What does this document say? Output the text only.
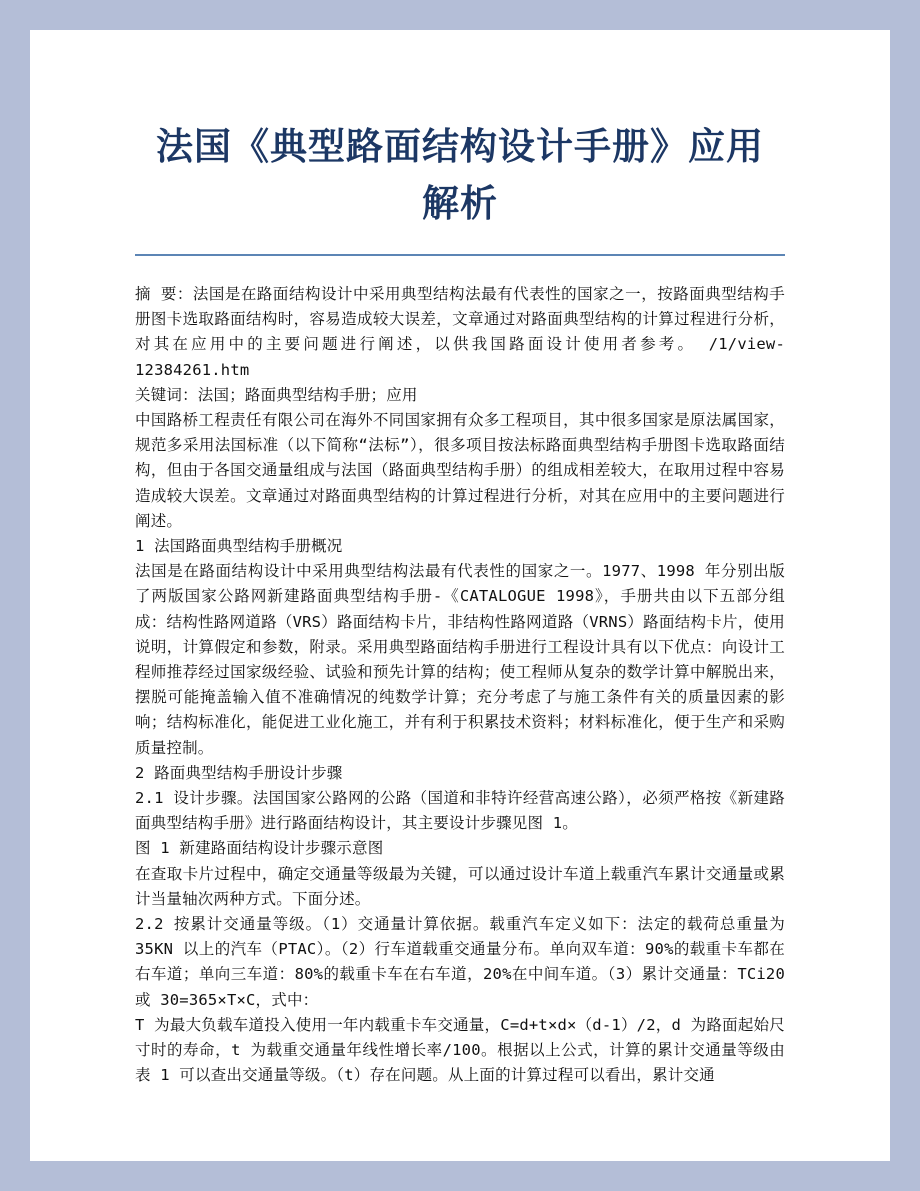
法国《典型路面结构设计手册》应用
解析

摘 要：法国是在路面结构设计中采用典型结构法最有代表性的国家之一，按路面典型结构手册图卡选取路面结构时，容易造成较大误差，文章通过对路面典型结构的计算过程进行分析，对其在应用中的主要问题进行阐述，以供我国路面设计使用者参考。 /1/view-12384261.htm

关键词：法国；路面典型结构手册；应用

中国路桥工程责任有限公司在海外不同国家拥有众多工程项目，其中很多国家是原法属国家，规范多采用法国标准（以下简称“法标”），很多项目按法标路面典型结构手册图卡选取路面结构，但由于各国交通量组成与法国（路面典型结构手册）的组成相差较大，在取用过程中容易造成较大误差。文章通过对路面典型结构的计算过程进行分析，对其在应用中的主要问题进行阐述。

1 法国路面典型结构手册概况

法国是在路面结构设计中采用典型结构法最有代表性的国家之一。1977、1998 年分别出版了两版国家公路网新建路面典型结构手册-《CATALOGUE 1998》，手册共由以下五部分组成：结构性路网道路（VRS）路面结构卡片，非结构性路网道路（VRNS）路面结构卡片，使用说明，计算假定和参数，附录。采用典型路面结构手册进行工程设计具有以下优点：向设计工程师推荐经过国家级经验、试验和预先计算的结构；使工程师从复杂的数学计算中解脱出来，摆脱可能掩盖输入值不准确情况的纯数学计算；充分考虑了与施工条件有关的质量因素的影响；结构标准化，能促进工业化施工，并有利于积累技术资料；材料标准化，便于生产和采购质量控制。

2 路面典型结构手册设计步骤

2.1 设计步骤。法国国家公路网的公路（国道和非特许经营高速公路），必须严格按《新建路面典型结构手册》进行路面结构设计，其主要设计步骤见图 1。

图 1 新建路面结构设计步骤示意图

在查取卡片过程中，确定交通量等级最为关键，可以通过设计车道上载重汽车累计交通量或累计当量轴次两种方式。下面分述。

2.2 按累计交通量等级。（1）交通量计算依据。载重汽车定义如下：法定的载荷总重量为 35KN 以上的汽车（PTAC）。（2）行车道载重交通量分布。单向双车道：90%的载重卡车都在右车道；单向三车道：80%的载重卡车在右车道，20%在中间车道。（3）累计交通量：TCi20 或 30=365×T×C，式中：

T 为最大负载车道投入使用一年内载重卡车交通量，C=d+t×d×（d-1）/2，d 为路面起始尺寸时的寿命，t 为载重交通量年线性增长率/100。根据以上公式，计算的累计交通量等级由表 1 可以查出交通量等级。（t）存在问题。从上面的计算过程可以看出，累计交通
